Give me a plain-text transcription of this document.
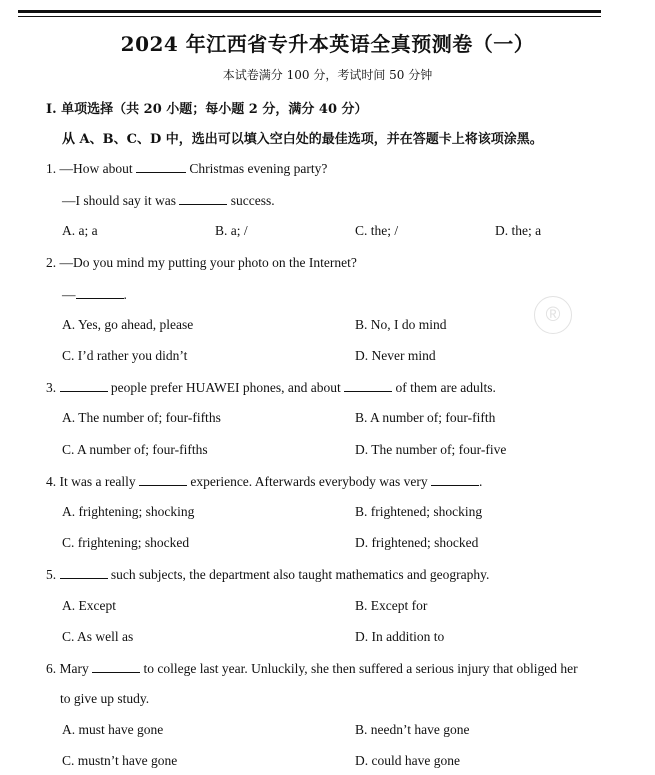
2024 年江西省专升本英语全真预测卷（一）
本试卷满分 100 分，考试时间 50 分钟
I. 单项选择（共 20 小题；每小题 2 分，满分 40 分）
从 A、B、C、D 中，选出可以填入空白处的最佳选项，并在答题卡上将该项涂黑。
1. —How about	Christmas evening party?
—I should say it was	success.
A. a; a	B. a; /	C. the; /	D. the; a
2. —Do you mind my putting your photo on the Internet?
—	.
A. Yes, go ahead, please	B. No, I do mind
C. I’d rather you didn’t	D. Never mind
3.	people prefer HUAWEI phones, and about	of them are adults.
A. The number of; four-fifths	B. A number of; four-fifth
C. A number of; four-fifths	D. The number of; four-five
4. It was a really	experience. Afterwards everybody was very	.
A. frightening; shocking	B. frightened; shocking
C. frightening; shocked	D. frightened; shocked
5.	such subjects, the department also taught mathematics and geography.
A. Except	B. Except for
C. As well as	D. In addition to
6. Mary	to college last year. Unluckily, she then suffered a serious injury that obliged her
to give up study.
A. must have gone	B. needn’t have gone
C. mustn’t have gone	D. could have gone
®
